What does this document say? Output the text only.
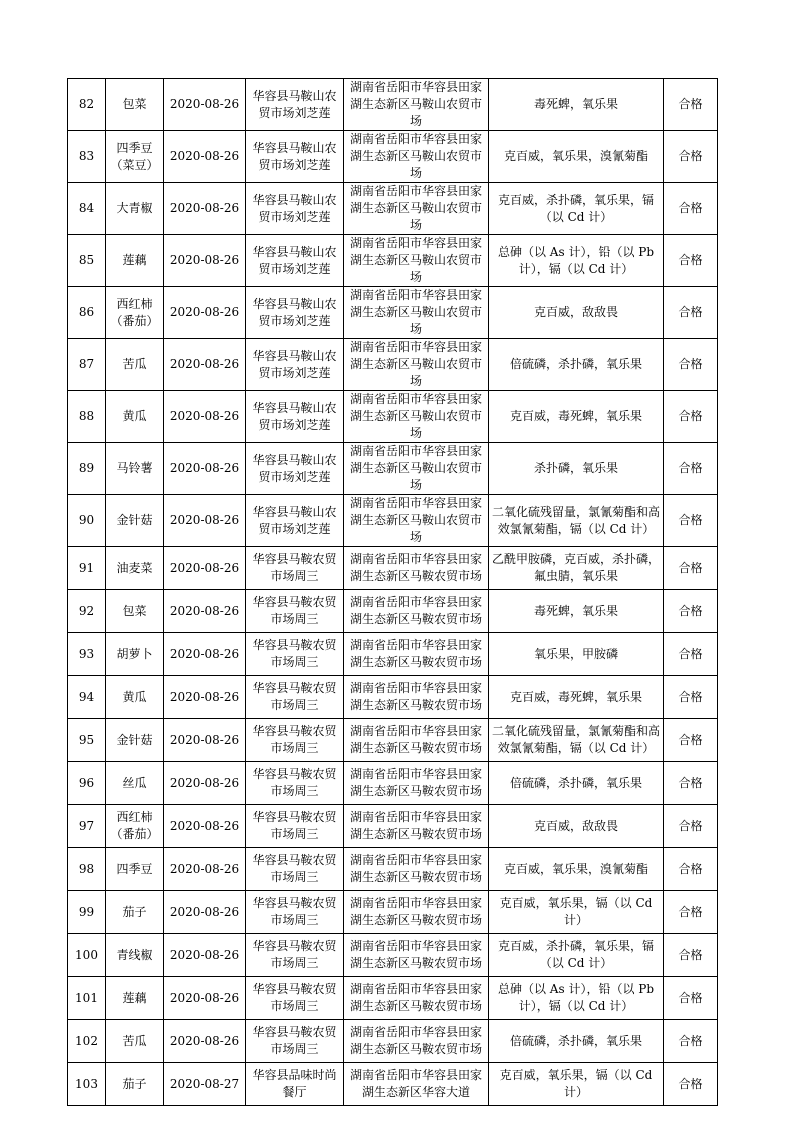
82	包菜	2020-08-26	华容县马鞍山农贸市场刘芝莲	湖南省岳阳市华容县田家湖生态新区马鞍山农贸市场	毒死蜱，氧乐果	合格
83	四季豆（菜豆）	2020-08-26	华容县马鞍山农贸市场刘芝莲	湖南省岳阳市华容县田家湖生态新区马鞍山农贸市场	克百威，氧乐果，溴氰菊酯	合格
84	大青椒	2020-08-26	华容县马鞍山农贸市场刘芝莲	湖南省岳阳市华容县田家湖生态新区马鞍山农贸市场	克百威，杀扑磷，氧乐果，镉（以 Cd 计）	合格
85	莲藕	2020-08-26	华容县马鞍山农贸市场刘芝莲	湖南省岳阳市华容县田家湖生态新区马鞍山农贸市场	总砷（以 As 计），铅（以 Pb 计），镉（以 Cd 计）	合格
86	西红柿（番茄）	2020-08-26	华容县马鞍山农贸市场刘芝莲	湖南省岳阳市华容县田家湖生态新区马鞍山农贸市场	克百威，敌敌畏	合格
87	苦瓜	2020-08-26	华容县马鞍山农贸市场刘芝莲	湖南省岳阳市华容县田家湖生态新区马鞍山农贸市场	倍硫磷，杀扑磷，氧乐果	合格
88	黄瓜	2020-08-26	华容县马鞍山农贸市场刘芝莲	湖南省岳阳市华容县田家湖生态新区马鞍山农贸市场	克百威，毒死蜱，氧乐果	合格
89	马铃薯	2020-08-26	华容县马鞍山农贸市场刘芝莲	湖南省岳阳市华容县田家湖生态新区马鞍山农贸市场	杀扑磷，氧乐果	合格
90	金针菇	2020-08-26	华容县马鞍山农贸市场刘芝莲	湖南省岳阳市华容县田家湖生态新区马鞍山农贸市场	二氧化硫残留量，氯氰菊酯和高效氯氰菊酯，镉（以 Cd 计）	合格
91	油麦菜	2020-08-26	华容县马鞍农贸市场周三	湖南省岳阳市华容县田家湖生态新区马鞍农贸市场	乙酰甲胺磷，克百威，杀扑磷，氟虫腈，氧乐果	合格
92	包菜	2020-08-26	华容县马鞍农贸市场周三	湖南省岳阳市华容县田家湖生态新区马鞍农贸市场	毒死蜱，氧乐果	合格
93	胡萝卜	2020-08-26	华容县马鞍农贸市场周三	湖南省岳阳市华容县田家湖生态新区马鞍农贸市场	氧乐果，甲胺磷	合格
94	黄瓜	2020-08-26	华容县马鞍农贸市场周三	湖南省岳阳市华容县田家湖生态新区马鞍农贸市场	克百威，毒死蜱，氧乐果	合格
95	金针菇	2020-08-26	华容县马鞍农贸市场周三	湖南省岳阳市华容县田家湖生态新区马鞍农贸市场	二氧化硫残留量，氯氰菊酯和高效氯氰菊酯，镉（以 Cd 计）	合格
96	丝瓜	2020-08-26	华容县马鞍农贸市场周三	湖南省岳阳市华容县田家湖生态新区马鞍农贸市场	倍硫磷，杀扑磷，氧乐果	合格
97	西红柿（番茄）	2020-08-26	华容县马鞍农贸市场周三	湖南省岳阳市华容县田家湖生态新区马鞍农贸市场	克百威，敌敌畏	合格
98	四季豆	2020-08-26	华容县马鞍农贸市场周三	湖南省岳阳市华容县田家湖生态新区马鞍农贸市场	克百威，氧乐果，溴氰菊酯	合格
99	茄子	2020-08-26	华容县马鞍农贸市场周三	湖南省岳阳市华容县田家湖生态新区马鞍农贸市场	克百威，氧乐果，镉（以 Cd 计）	合格
100	青线椒	2020-08-26	华容县马鞍农贸市场周三	湖南省岳阳市华容县田家湖生态新区马鞍农贸市场	克百威，杀扑磷，氧乐果，镉（以 Cd 计）	合格
101	莲藕	2020-08-26	华容县马鞍农贸市场周三	湖南省岳阳市华容县田家湖生态新区马鞍农贸市场	总砷（以 As 计），铅（以 Pb 计），镉（以 Cd 计）	合格
102	苦瓜	2020-08-26	华容县马鞍农贸市场周三	湖南省岳阳市华容县田家湖生态新区马鞍农贸市场	倍硫磷，杀扑磷，氧乐果	合格
103	茄子	2020-08-27	华容县品味时尚餐厅	湖南省岳阳市华容县田家湖生态新区华容大道	克百威，氧乐果，镉（以 Cd 计）	合格
